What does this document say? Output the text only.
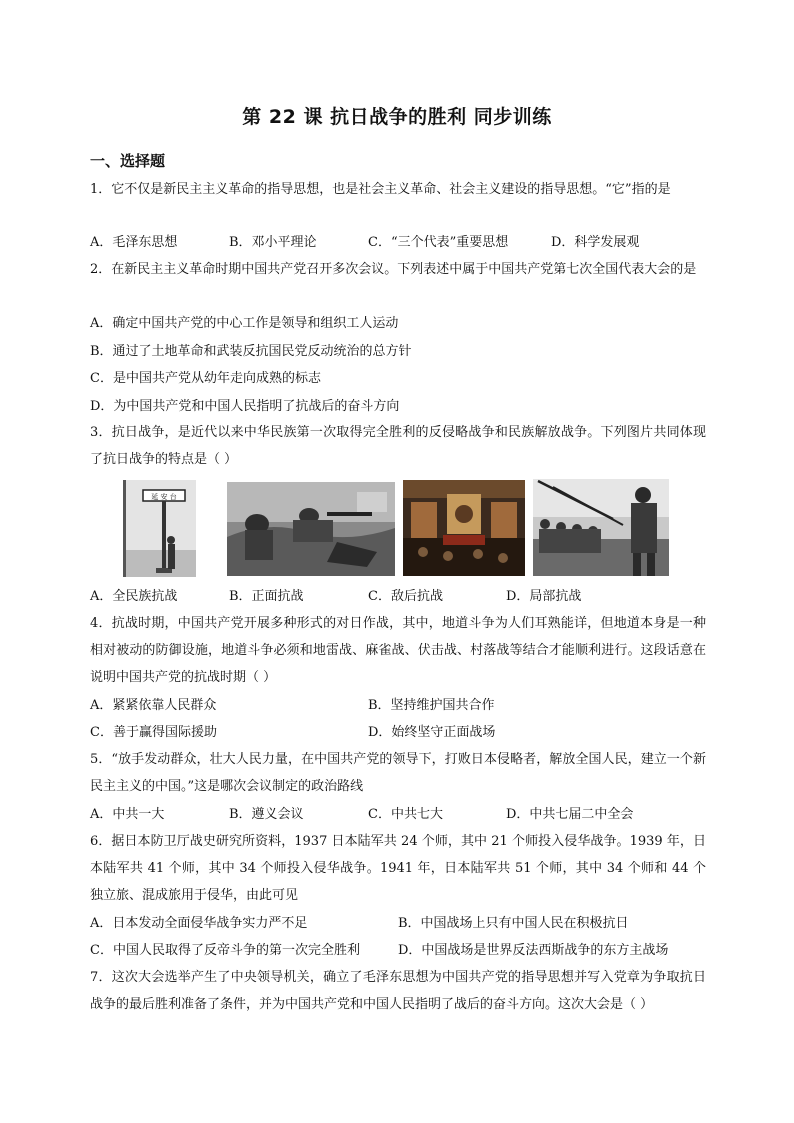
第 22 课 抗日战争的胜利 同步训练
一、选择题
1．它不仅是新民主主义革命的指导思想，也是社会主义革命、社会主义建设的指导思想。“它”指的是
A．毛泽东思想	B．邓小平理论	C．“三个代表”重要思想	D．科学发展观
2．在新民主主义革命时期中国共产党召开多次会议。下列表述中属于中国共产党第七次全国代表大会的是
A．确定中国共产党的中心工作是领导和组织工人运动
B．通过了土地革命和武装反抗国民党反动统治的总方针
C．是中国共产党从幼年走向成熟的标志
D．为中国共产党和中国人民指明了抗战后的奋斗方向
3．抗日战争，是近代以来中华民族第一次取得完全胜利的反侵略战争和民族解放战争。下列图片共同体现了抗日战争的特点是（ ）
延 安 台
A．全民族抗战	B．正面抗战	C．敌后抗战	D．局部抗战
4．抗战时期，中国共产党开展多种形式的对日作战，其中，地道斗争为人们耳熟能详，但地道本身是一种相对被动的防御设施，地道斗争必须和地雷战、麻雀战、伏击战、村落战等结合才能顺利进行。这段话意在说明中国共产党的抗战时期（ ）
A．紧紧依靠人民群众	B．坚持维护国共合作
C．善于赢得国际援助	D．始终坚守正面战场
5．“放手发动群众，壮大人民力量，在中国共产党的领导下，打败日本侵略者，解放全国人民，建立一个新民主主义的中国。”这是哪次会议制定的政治路线
A．中共一大	B．遵义会议	C．中共七大	D．中共七届二中全会
6．据日本防卫厅战史研究所资料，1937 日本陆军共 24 个师，其中 21 个师投入侵华战争。1939 年，日本陆军共 41 个师，其中 34 个师投入侵华战争。1941 年，日本陆军共 51 个师，其中 34 个师和 44 个独立旅、混成旅用于侵华，由此可见
A．日本发动全面侵华战争实力严不足	B．中国战场上只有中国人民在积极抗日
C．中国人民取得了反帝斗争的第一次完全胜利	D．中国战场是世界反法西斯战争的东方主战场
7．这次大会选举产生了中央领导机关，确立了毛泽东思想为中国共产党的指导思想并写入党章为争取抗日战争的最后胜利准备了条件，并为中国共产党和中国人民指明了战后的奋斗方向。这次大会是（ ）
